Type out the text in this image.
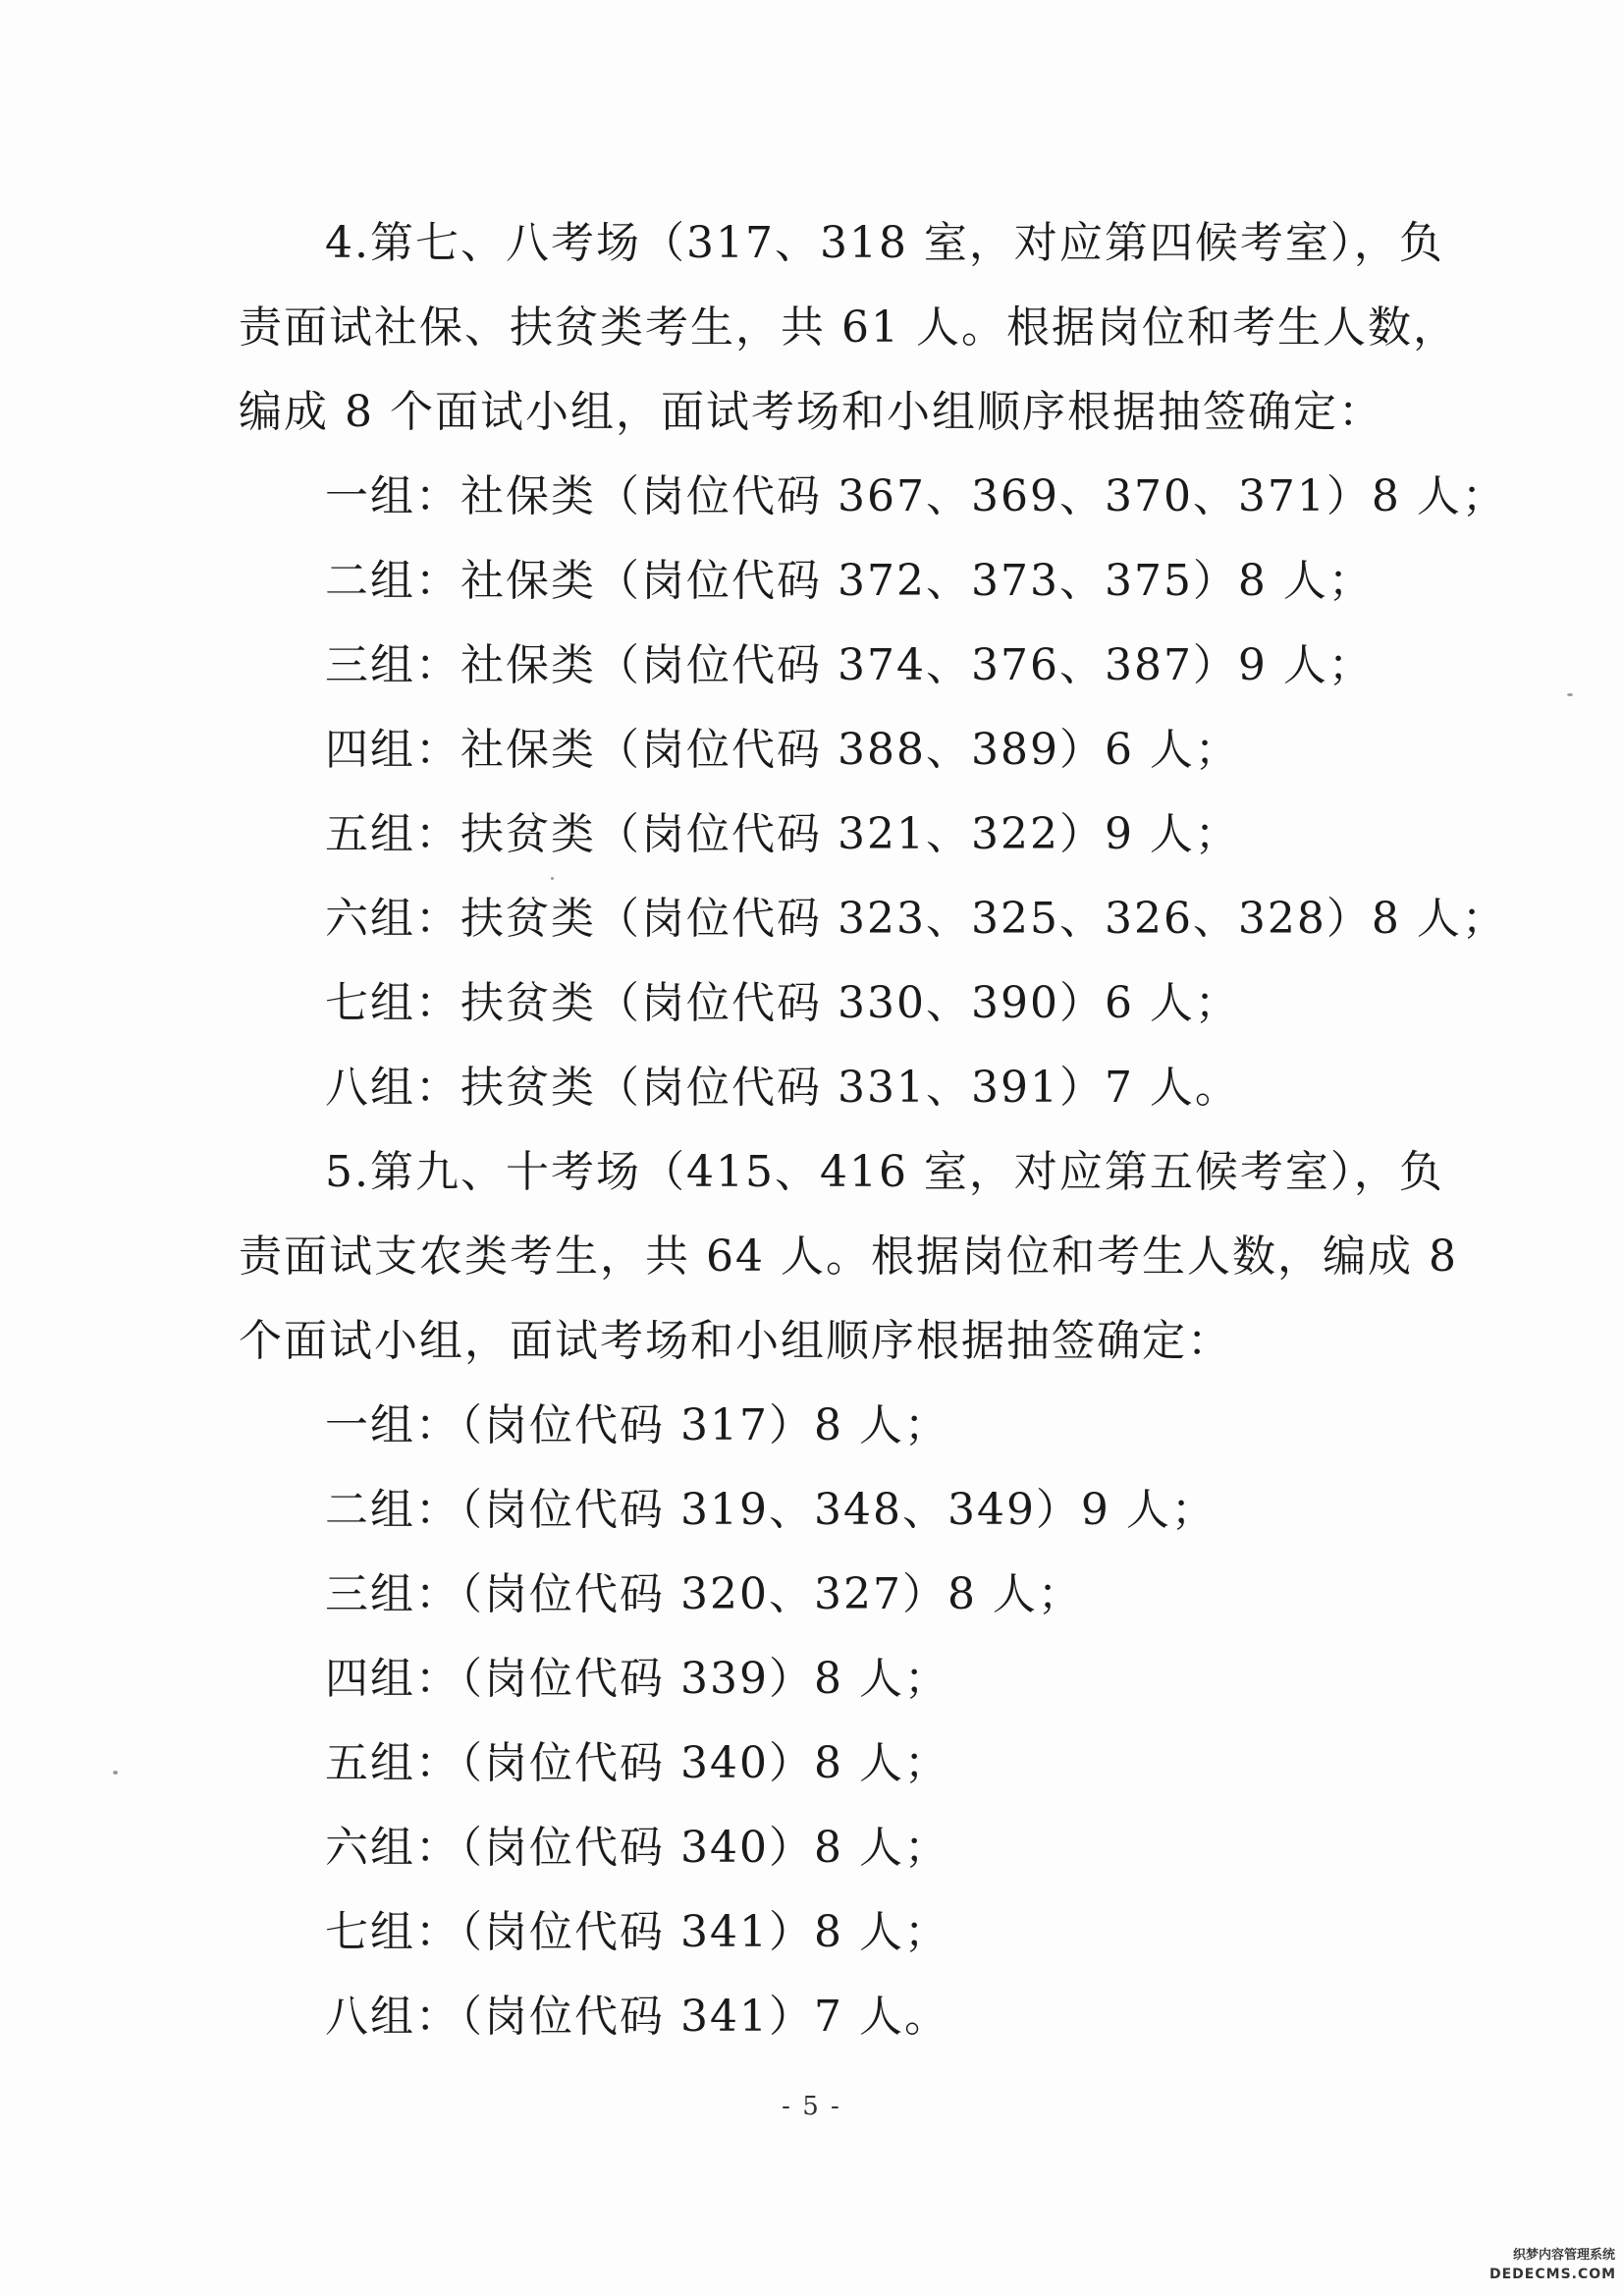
4.第七、八考场（317、318 室，对应第四候考室），负
责面试社保、扶贫类考生，共 61 人。根据岗位和考生人数，
编成 8 个面试小组，面试考场和小组顺序根据抽签确定：
一组：社保类（岗位代码 367、369、370、371）8 人；
二组：社保类（岗位代码 372、373、375）8 人；
三组：社保类（岗位代码 374、376、387）9 人；
四组：社保类（岗位代码 388、389）6 人；
五组：扶贫类（岗位代码 321、322）9 人；
六组：扶贫类（岗位代码 323、325、326、328）8 人；
七组：扶贫类（岗位代码 330、390）6 人；
八组：扶贫类（岗位代码 331、391）7 人。
5.第九、十考场（415、416 室，对应第五候考室），负
责面试支农类考生，共 64 人。根据岗位和考生人数，编成 8
个面试小组，面试考场和小组顺序根据抽签确定：
一组：（岗位代码 317）8 人；
二组：（岗位代码 319、348、349）9 人；
三组：（岗位代码 320、327）8 人；
四组：（岗位代码 339）8 人；
五组：（岗位代码 340）8 人；
六组：（岗位代码 340）8 人；
七组：（岗位代码 341）8 人；
八组：（岗位代码 341）7 人。
- 5 -
织梦内容管理系统
DEDECMS.COM
